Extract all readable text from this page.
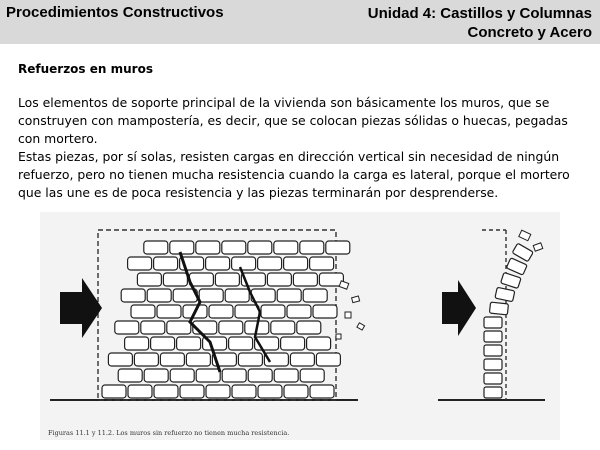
Procedimientos Constructivos	Unidad 4: Castillos y Columnas
Concreto y Acero
Refuerzos en muros

Los elementos de soporte principal de la vivienda son básicamente los muros, que se construyen con mampostería, es decir, que se colocan piezas sólidas o huecas, pegadas con mortero.

Estas piezas, por sí solas, resisten cargas en dirección vertical sin necesidad de ningún refuerzo, pero no tienen mucha resistencia cuando la carga es lateral, porque el mortero que las une es de poca resistencia y las piezas terminarán por desprenderse.

Figuras 11.1 y 11.2. Los muros sin refuerzo no tienen mucha resistencia.
